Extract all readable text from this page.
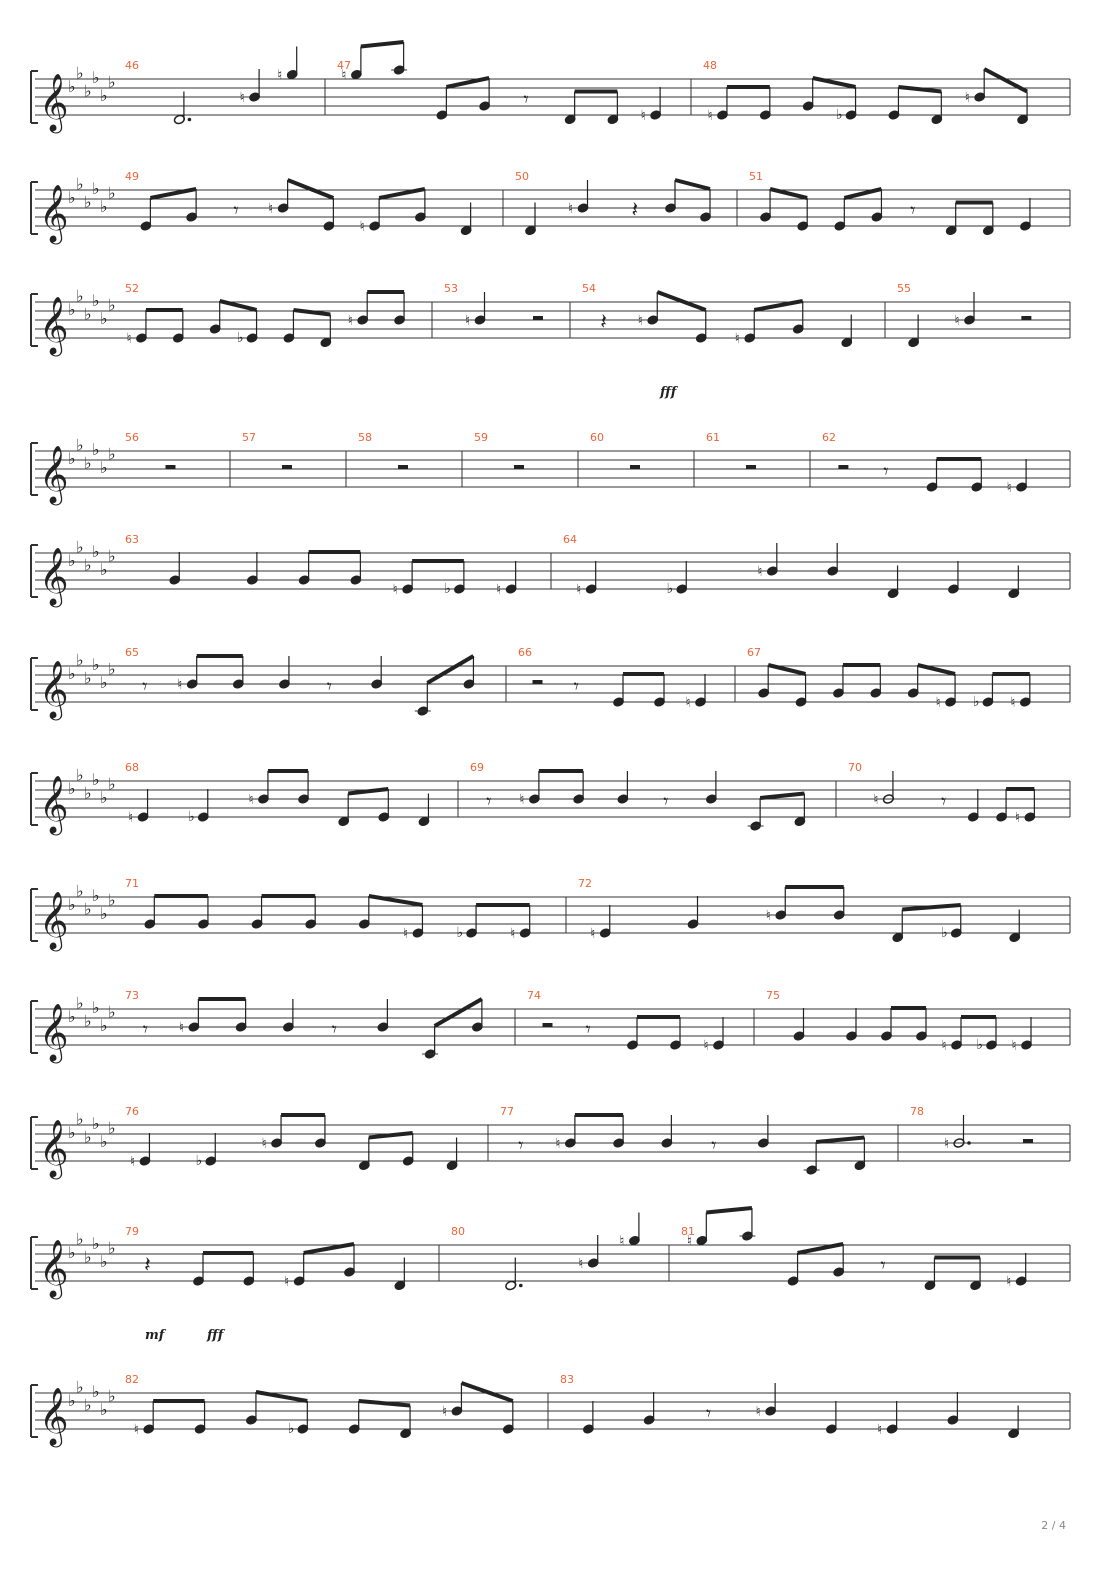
𝄞 ♭
♭
♭
♭
♭
♭
46
♮
♮
47
♮
𝄾
♮
48
♮	♭
♮
𝄞 ♭
♭
♭
♭
♭
♭
49
𝄾 ♮
♮
50
♮	𝄽
51
𝄾
𝄞 ♭
♭
♭
♭
♭
♭
52
♮	♭
♮
53
♮
54
𝄽 ♮
♮
fff
55
♮
𝄞 ♭
♭
♭
♭
♭
♭
56	57	58	59	60	61	62
𝄾
♮
𝄞 ♭
♭
♭
♭
♭
♭
63
♮	♭	♮
64
♮	♭
♮
𝄞 ♭
♭
♭
♭
♭
♭
65
𝄾 ♮	𝄾
66
𝄾
♮
67
♮ ♭ ♮
𝄞 ♭
♭
♭
♭
♭
♭
68
♮	♭
♮
69
𝄾 ♮	𝄾
70
♮	𝄾
♮
𝄞 ♭
♭
♭
♭
♭
♭
71
♮	♭	♮
72
♮
♮
♭
𝄞 ♭
♭
♭
♭
♭
♭
73
𝄾 ♮	𝄾
74
𝄾
♮
75
♮ ♭ ♮
𝄞 ♭
♭
♭
♭
♭
♭
76
♮	♭
♮
77
𝄾 ♮	𝄾
78
♮
𝄞 ♭
♭
♭
♭
♭
♭
79
𝄽
♮
mf	fff
80
♮
♮
81
♮
𝄾
♮
𝄞 ♭
♭
♭
♭
♭
♭
82
♮	♭
♮
83
𝄾	♮
♮
2 / 4
